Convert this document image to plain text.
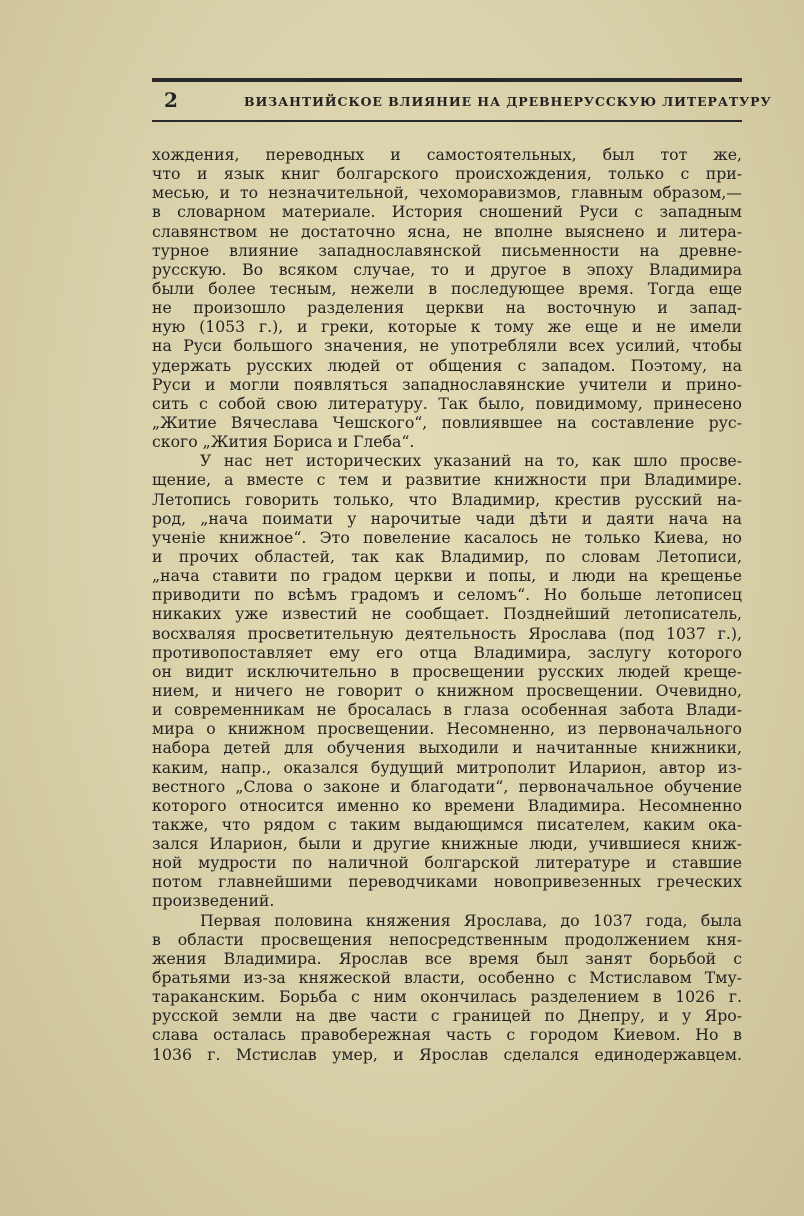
2	ВИЗАНТИЙСКОЕ ВЛИЯНИЕ НА ДРЕВНЕРУССКУЮ ЛИТЕРАТУРУ
хождения, переводных и самостоятельных, был тот же,
что и язык книг болгарского происхождения, только с при-
месью, и то незначительной, чехоморавизмов, главным образом,—
в словарном материале. История сношений Руси с западным
славянством не достаточно ясна, не вполне выяснено и литера-
турное влияние западнославянской письменности на древне-
русскую. Во всяком случае, то и другое в эпоху Владимира
были более тесным, нежели в последующее время. Тогда еще
не произошло разделения церкви на восточную и запад-
ную (1053 г.), и греки, которые к тому же еще и не имели
на Руси большого значения, не употребляли всех усилий, чтобы
удержать русских людей от общения с западом. Поэтому, на
Руси и могли появляться западнославянские учители и прино-
сить с собой свою литературу. Так было, повидимому, принесено
„Житие Вячеслава Чешского“, повлиявшее на составление рус-
ского „Жития Бориса и Глеба“.
У нас нет исторических указаний на то, как шло просве-
щение, а вместе с тем и развитие книжности при Владимире.
Летопись говорить только, что Владимир, крестив русский на-
род, „нача поимати у нарочитые чади дѣти и даяти нача на
ученіе книжное“. Это повеление касалось не только Киева, но
и прочих областей, так как Владимир, по словам Летописи,
„нача ставити по градом церкви и попы, и люди на крещенье
приводити по всѣмъ градомъ и селомъ“. Но больше летописец
никаких уже известий не сообщает. Позднейший летописатель,
восхваляя просветительную деятельность Ярослава (под 1037 г.),
противопоставляет ему его отца Владимира, заслугу которого
он видит исключительно в просвещении русских людей креще-
нием, и ничего не говорит о книжном просвещении. Очевидно,
и современникам не бросалась в глаза особенная забота Влади-
мира о книжном просвещении. Несомненно, из первоначального
набора детей для обучения выходили и начитанные книжники,
каким, напр., оказался будущий митрополит Иларион, автор из-
вестного „Слова о законе и благодати“, первоначальное обучение
которого относится именно ко времени Владимира. Несомненно
также, что рядом с таким выдающимся писателем, каким ока-
зался Иларион, были и другие книжные люди, учившиеся книж-
ной мудрости по наличной болгарской литературе и ставшие
потом главнейшими переводчиками новопривезенных греческих
произведений.
Первая половина княжения Ярослава, до 1037 года, была
в области просвещения непосредственным продолжением кня-
жения Владимира. Ярослав все время был занят борьбой с
братьями из-за княжеской власти, особенно с Мстиславом Тму-
тараканским. Борьба с ним окончилась разделением в 1026 г.
русской земли на две части с границей по Днепру, и у Яро-
слава осталась правобережная часть с городом Киевом. Но в
1036 г. Мстислав умер, и Ярослав сделался единодержавцем.
